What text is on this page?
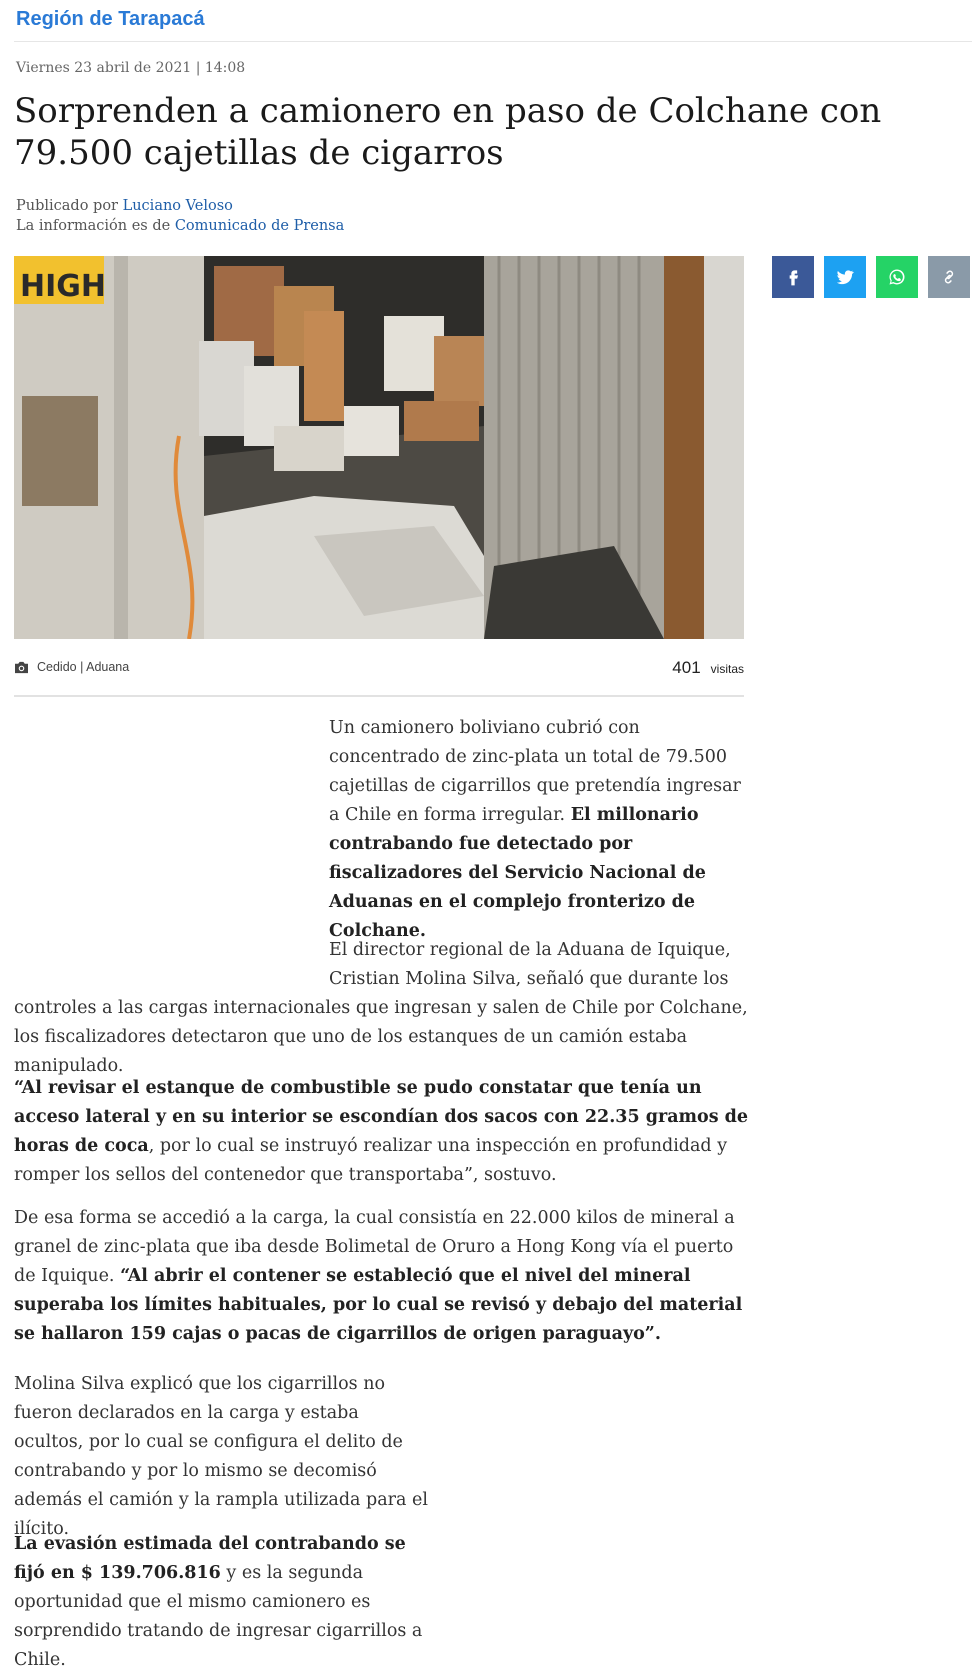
Región de Tarapacá
Viernes 23 abril de 2021 | 14:08
Sorprenden a camionero en paso de Colchane con 79.500 cajetillas de cigarros
Publicado por Luciano Veloso
La información es de Comunicado de Prensa
HIGH
Cedido | Aduana	401 visitas

Un camionero boliviano cubrió con concentrado de zinc-plata un total de 79.500 cajetillas de cigarrillos que pretendía ingresar a Chile en forma irregular. El millonario contrabando fue detectado por fiscalizadores del Servicio Nacional de Aduanas en el complejo fronterizo de Colchane.

El director regional de la Aduana de Iquique,
Cristian Molina Silva, señaló que durante los

controles a las cargas internacionales que ingresan y salen de Chile por Colchane, los fiscalizadores detectaron que uno de los estanques de un camión estaba manipulado.

“Al revisar el estanque de combustible se pudo constatar que tenía un acceso lateral y en su interior se escondían dos sacos con 22.35 gramos de horas de coca, por lo cual se instruyó realizar una inspección en profundidad y romper los sellos del contenedor que transportaba”, sostuvo.

De esa forma se accedió a la carga, la cual consistía en 22.000 kilos de mineral a granel de zinc-plata que iba desde Bolimetal de Oruro a Hong Kong vía el puerto de Iquique. “Al abrir el contener se estableció que el nivel del mineral superaba los límites habituales, por lo cual se revisó y debajo del material se hallaron 159 cajas o pacas de cigarrillos de origen paraguayo”.

Molina Silva explicó que los cigarrillos no fueron declarados en la carga y estaba ocultos, por lo cual se configura el delito de contrabando y por lo mismo se decomisó además el camión y la rampla utilizada para el ilícito.

La evasión estimada del contrabando se fijó en $ 139.706.816 y es la segunda oportunidad que el mismo camionero es sorprendido tratando de ingresar cigarrillos a Chile.
